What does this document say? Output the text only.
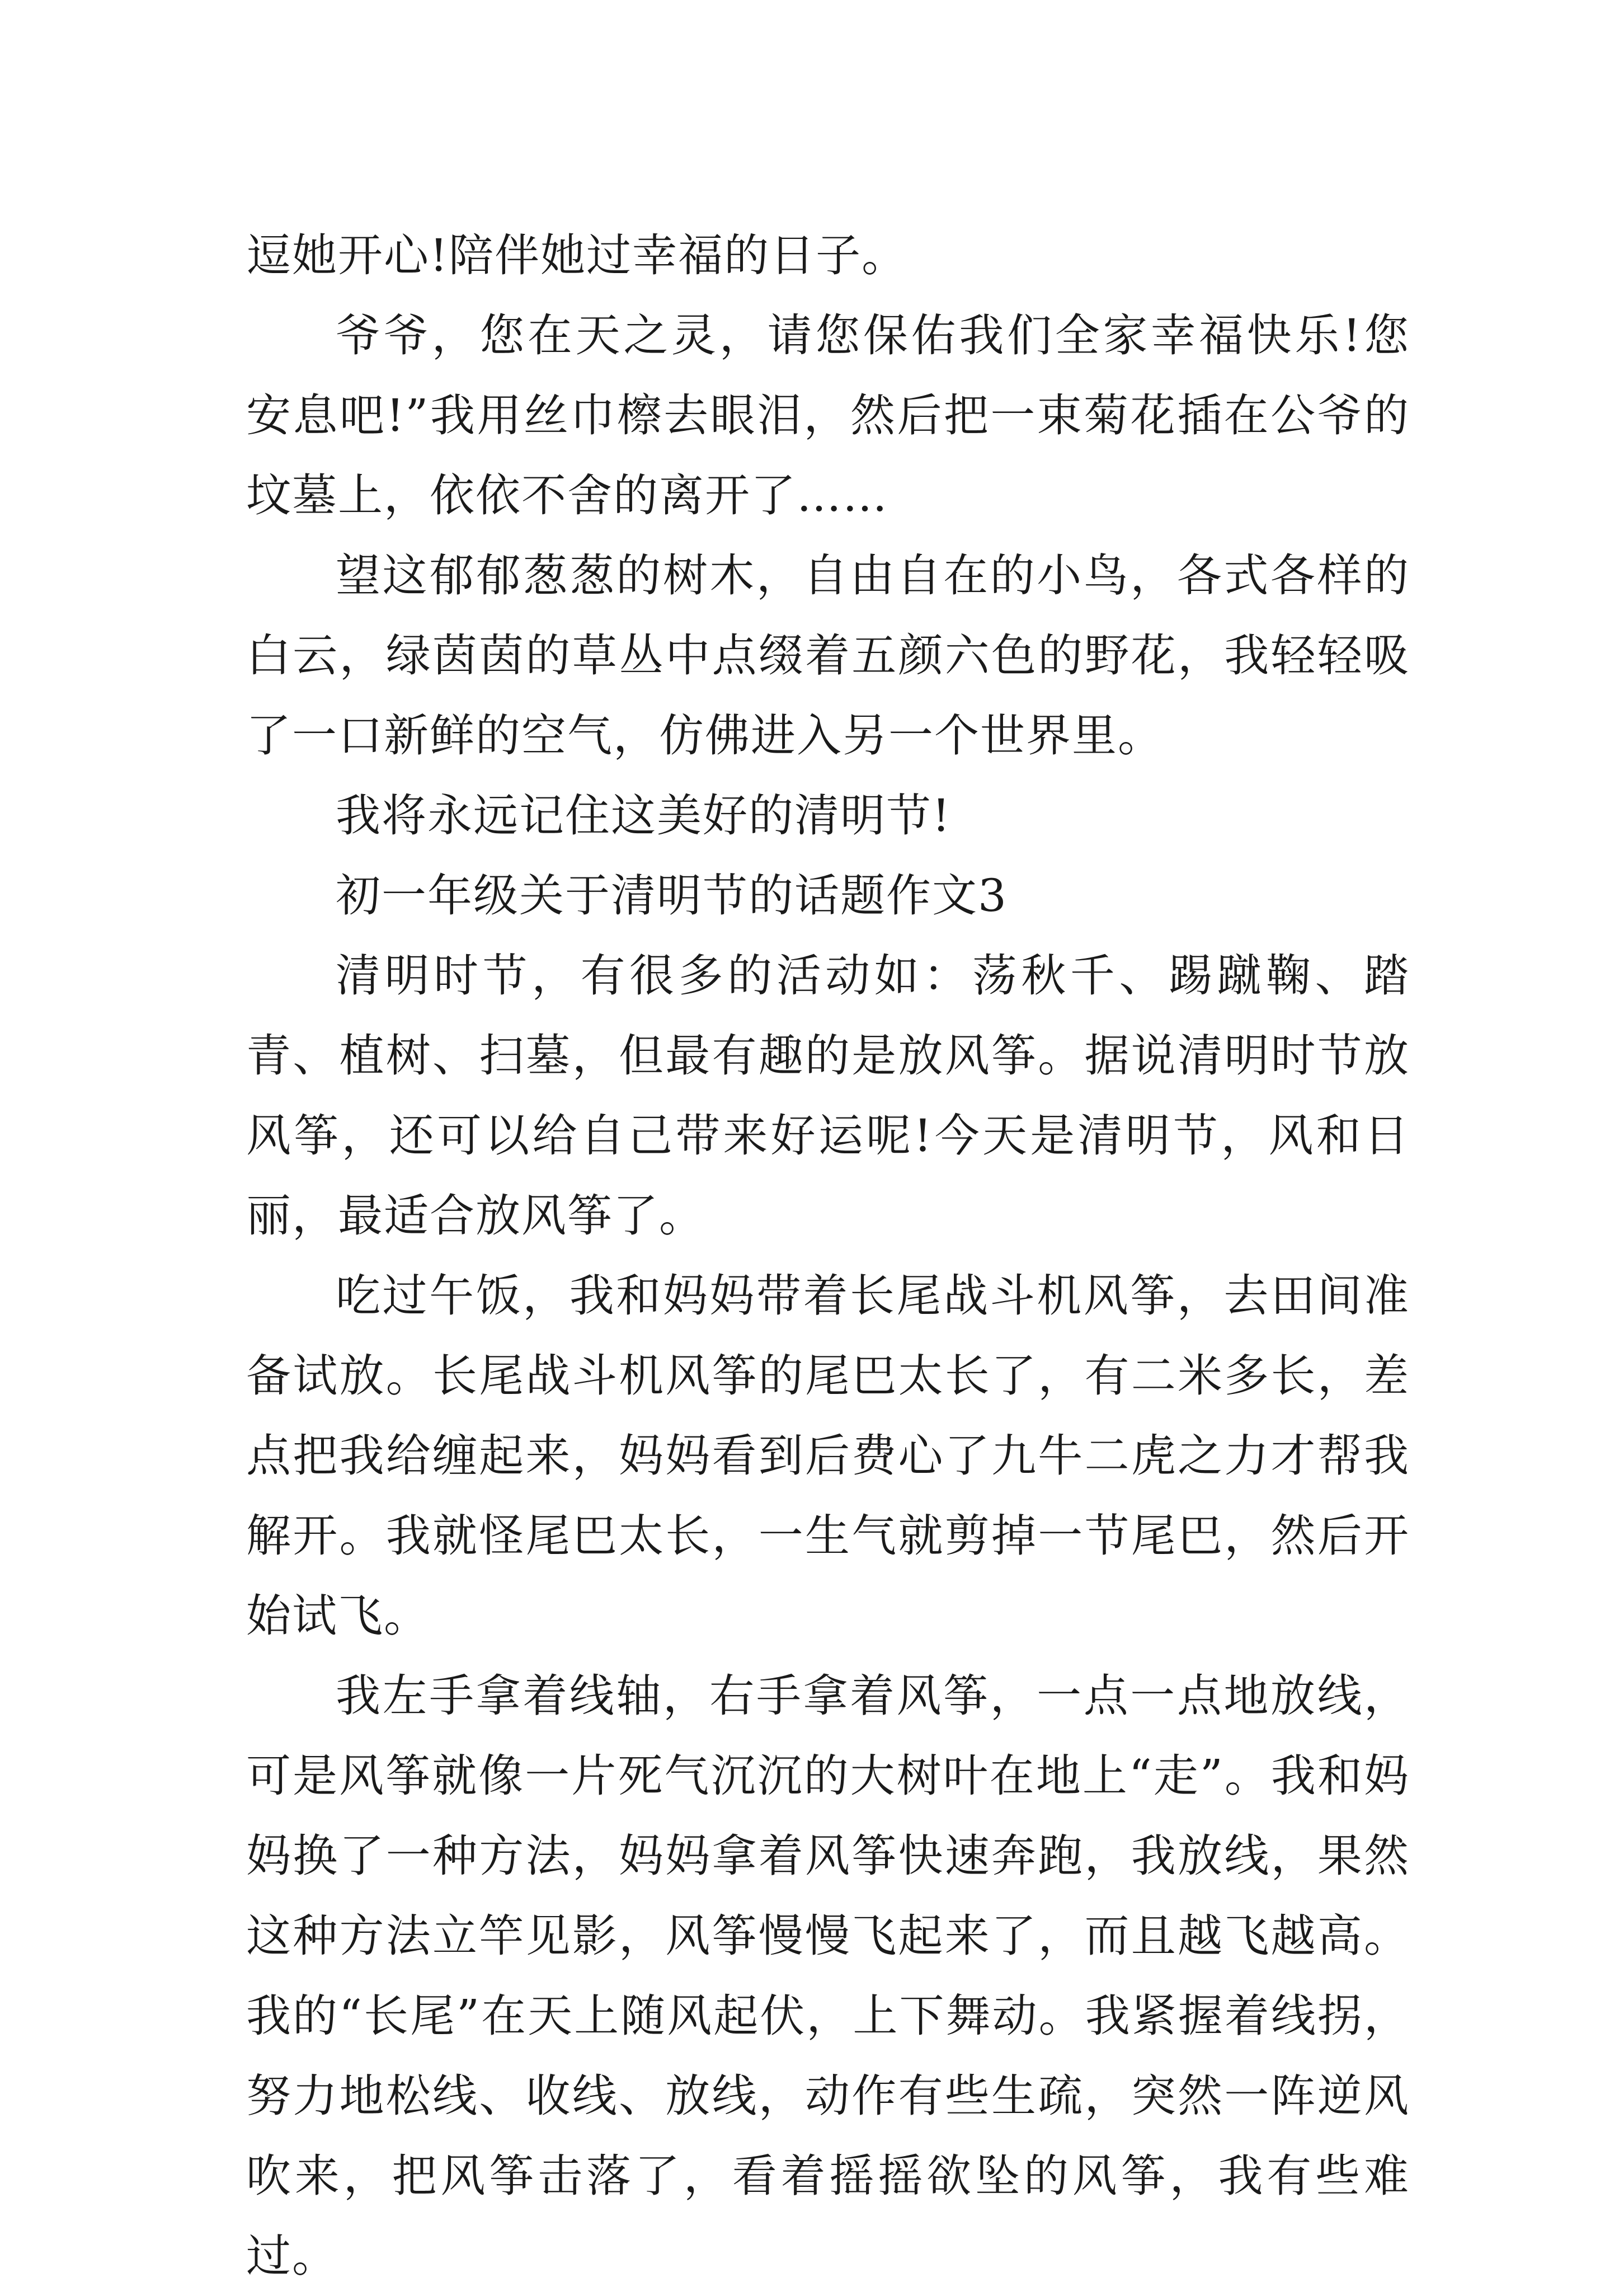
逗她开心!陪伴她过幸福的日子。

爷爷，您在天之灵，请您保佑我们全家幸福快乐!您安息吧!”我用丝巾檫去眼泪，然后把一束菊花插在公爷的坟墓上，依依不舍的离开了……

望这郁郁葱葱的树木，自由自在的小鸟，各式各样的白云，绿茵茵的草丛中点缀着五颜六色的野花，我轻轻吸了一口新鲜的空气，仿佛进入另一个世界里。

我将永远记住这美好的清明节!

初一年级关于清明节的话题作文3

清明时节，有很多的活动如：荡秋千、踢蹴鞠、踏青、植树、扫墓，但最有趣的是放风筝。据说清明时节放风筝，还可以给自己带来好运呢!今天是清明节，风和日丽，最适合放风筝了。

吃过午饭，我和妈妈带着长尾战斗机风筝，去田间准备试放。长尾战斗机风筝的尾巴太长了，有二米多长，差点把我给缠起来，妈妈看到后费心了九牛二虎之力才帮我解开。我就怪尾巴太长，一生气就剪掉一节尾巴，然后开始试飞。

我左手拿着线轴，右手拿着风筝，一点一点地放线，可是风筝就像一片死气沉沉的大树叶在地上“走”。我和妈妈换了一种方法，妈妈拿着风筝快速奔跑，我放线，果然这种方法立竿见影，风筝慢慢飞起来了，而且越飞越高。我的“长尾”在天上随风起伏，上下舞动。我紧握着线拐，努力地松线、收线、放线，动作有些生疏，突然一阵逆风吹来，把风筝击落了，看着摇摇欲坠的风筝，我有些难过。
